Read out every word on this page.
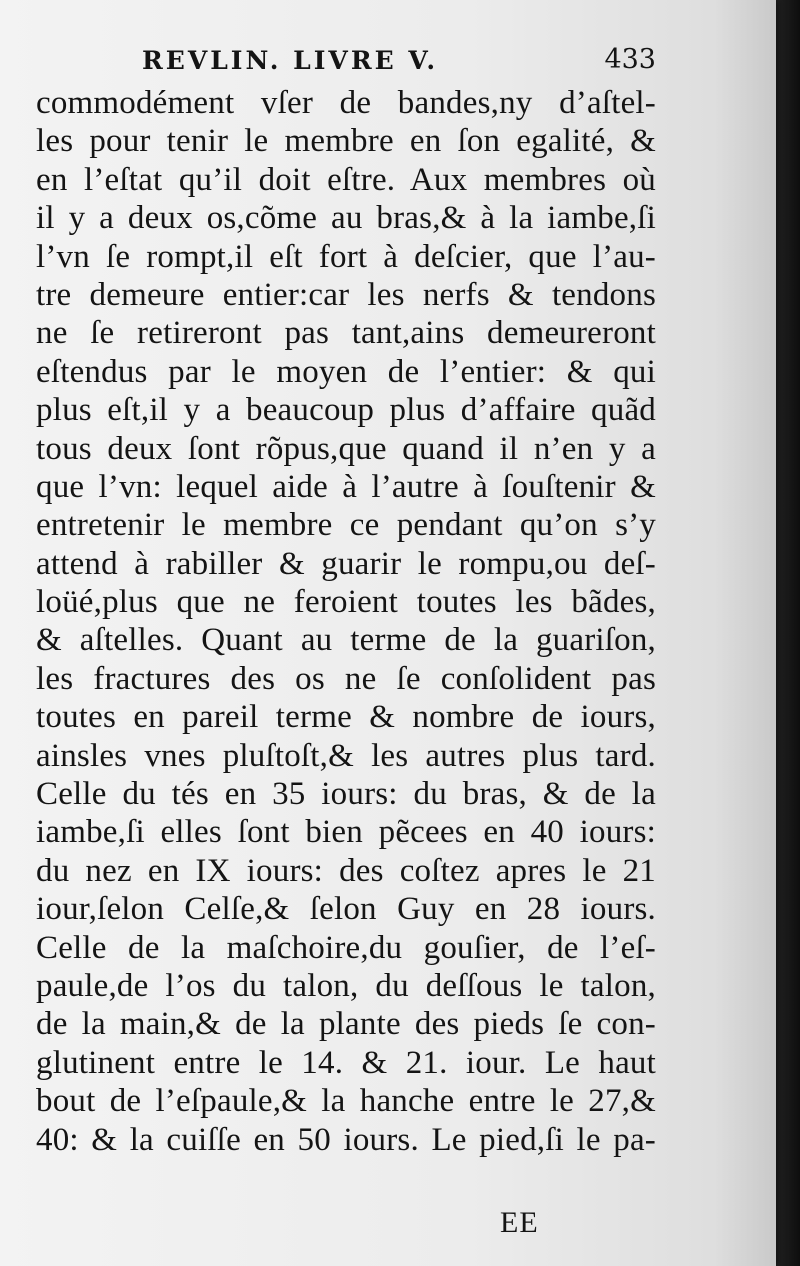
REVLIN. LIVRE V.	433
commodément vſer de bandes,ny d’aſtel-
les pour tenir le membre en ſon egalité, &
en l’eſtat qu’il doit eſtre. Aux membres où
il y a deux os,cõme au bras,& à la iambe,ſi
l’vn ſe rompt,il eſt fort à deſcier, que l’au-
tre demeure entier:car les nerfs & tendons
ne ſe retireront pas tant,ains demeureront
eſtendus par le moyen de l’entier: & qui
plus eſt,il y a beaucoup plus d’affaire quãd
tous deux ſont rõpus,que quand il n’en y a
que l’vn: lequel aide à l’autre à ſouſtenir &
entretenir le membre ce pendant qu’on s’y
attend à rabiller & guarir le rompu,ou deſ-
loüé,plus que ne feroient toutes les bãdes,
& aſtelles. Quant au terme de la guariſon,
les fractures des os ne ſe conſolident pas
toutes en pareil terme & nombre de iours,
ainsles vnes pluſtoſt,& les autres plus tard.
Celle du tés en 35 iours: du bras, & de la
iambe,ſi elles ſont bien pẽcees en 40 iours:
du nez en IX iours: des coſtez apres le 21
iour,ſelon Celſe,& ſelon Guy en 28 iours.
Celle de la maſchoire,du gouſier, de l’eſ-
paule,de l’os du talon, du deſſous le talon,
de la main,& de la plante des pieds ſe con-
glutinent entre le 14. & 21. iour. Le haut
bout de l’eſpaule,& la hanche entre le 27,&
40: & la cuiſſe en 50 iours. Le pied,ſi le pa-
EE
